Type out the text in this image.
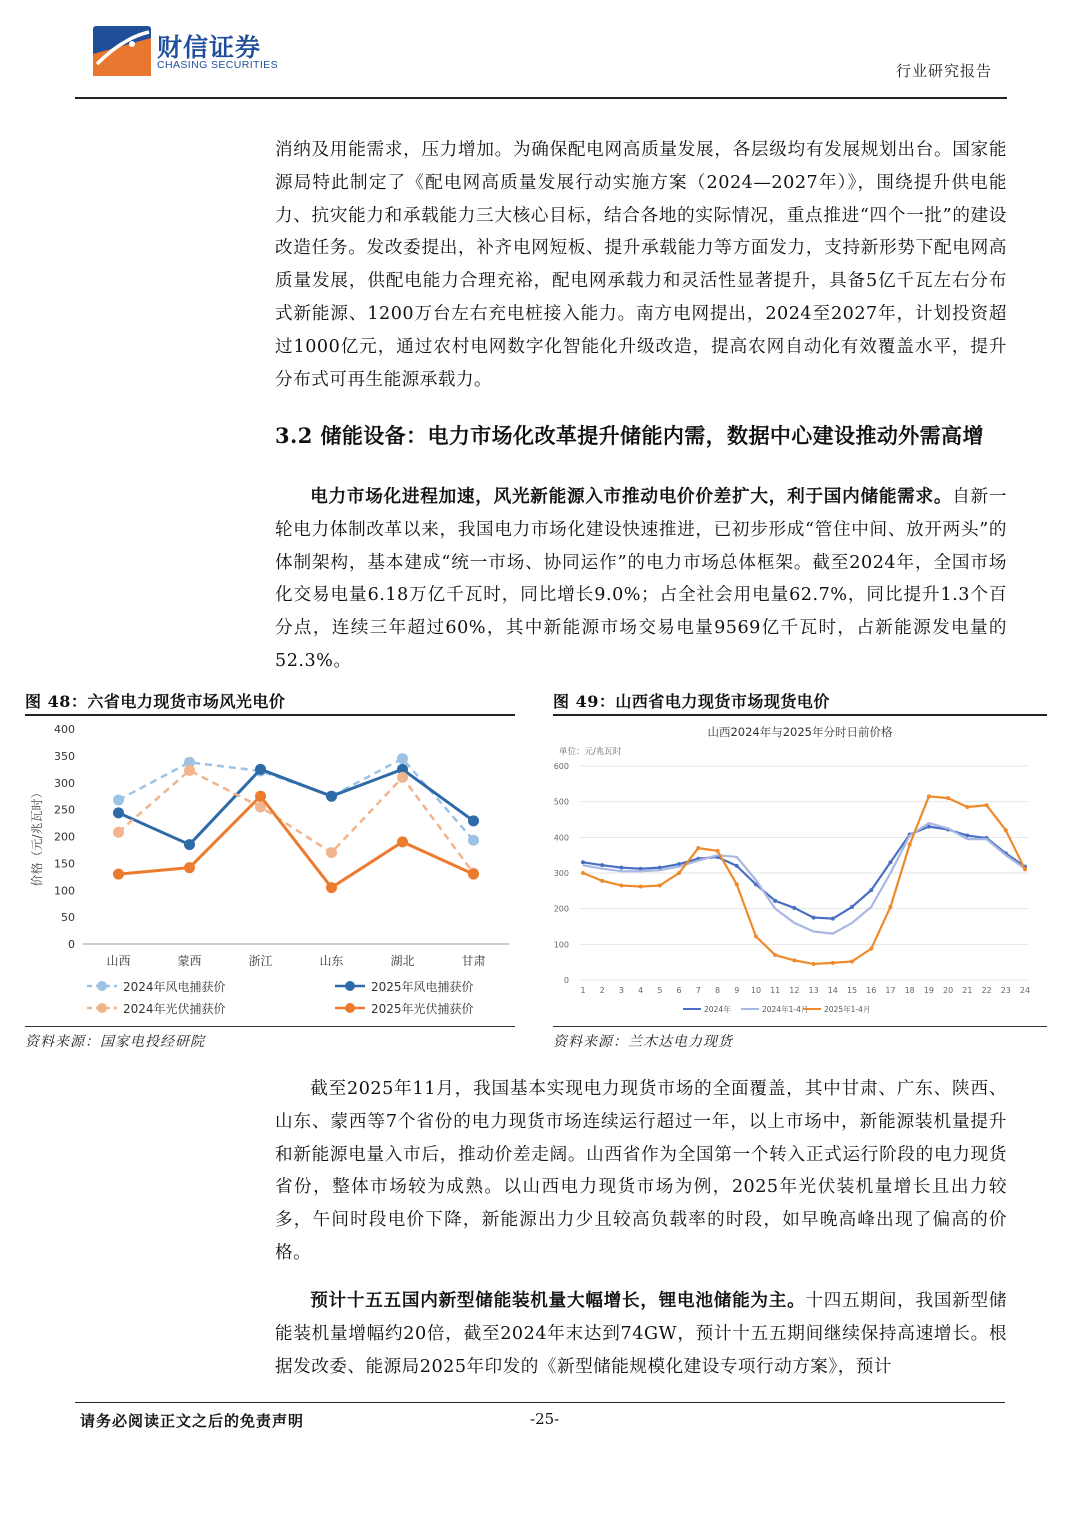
财信证券
CHASING SECURITIES	行业研究报告

消纳及用能需求，压力增加。为确保配电网高质量发展，各层级均有发展规划出台。国家能源局特此制定了《配电网高质量发展行动实施方案（2024—2027年）》，围绕提升供电能力、抗灾能力和承载能力三大核心目标，结合各地的实际情况，重点推进“四个一批”的建设改造任务。发改委提出，补齐电网短板、提升承载能力等方面发力，支持新形势下配电网高质量发展，供配电能力合理充裕，配电网承载力和灵活性显著提升，具备5亿千瓦左右分布式新能源、1200万台左右充电桩接入能力。南方电网提出，2024至2027年，计划投资超过1000亿元，通过农村电网数字化智能化升级改造，提高农网自动化有效覆盖水平，提升分布式可再生能源承载力。

3.2 储能设备：电力市场化改革提升储能内需，数据中心建设推动外需高增

电力市场化进程加速，风光新能源入市推动电价价差扩大，利于国内储能需求。自新一轮电力体制改革以来，我国电力市场化建设快速推进，已初步形成“管住中间、放开两头”的体制架构，基本建成“统一市场、协同运作”的电力市场总体框架。截至2024年，全国市场化交易电量6.18万亿千瓦时，同比增长9.0%；占全社会用电量62.7%，同比提升1.3个百分点，连续三年超过60%，其中新能源市场交易电量9569亿千瓦时，占新能源发电量的52.3%。

图 48：六省电力现货市场风光电价
0
50
100
150
200
250
300
350
400
山西	蒙西	浙江	山东	湖北	甘肃
价格（元/兆瓦时）
2024年风电捕获价	2025年风电捕获价
2024年光伏捕获价	2025年光伏捕获价
资料来源：国家电投经研院
图 49：山西省电力现货市场现货电价
山西2024年与2025年分时日前价格
单位：元/兆瓦时
0
100
200
300
400
500
600
1 2 3 4 5 6 7 8 9 10 11 12 13 14 15 16 17 18 19 20 21 22 23 24
2024年	2024年1-4月 2025年1-4月
资料来源：兰木达电力现货

截至2025年11月，我国基本实现电力现货市场的全面覆盖，其中甘肃、广东、陕西、山东、蒙西等7个省份的电力现货市场连续运行超过一年，以上市场中，新能源装机量提升和新能源电量入市后，推动价差走阔。山西省作为全国第一个转入正式运行阶段的电力现货省份，整体市场较为成熟。以山西电力现货市场为例，2025年光伏装机量增长且出力较多，午间时段电价下降，新能源出力少且较高负载率的时段，如早晚高峰出现了偏高的价格。

预计十五五国内新型储能装机量大幅增长，锂电池储能为主。十四五期间，我国新型储能装机量增幅约20倍，截至2024年末达到74GW，预计十五五期间继续保持高速增长。根据发改委、能源局2025年印发的《新型储能规模化建设专项行动方案》，预计

请务必阅读正文之后的免责声明	-25-
